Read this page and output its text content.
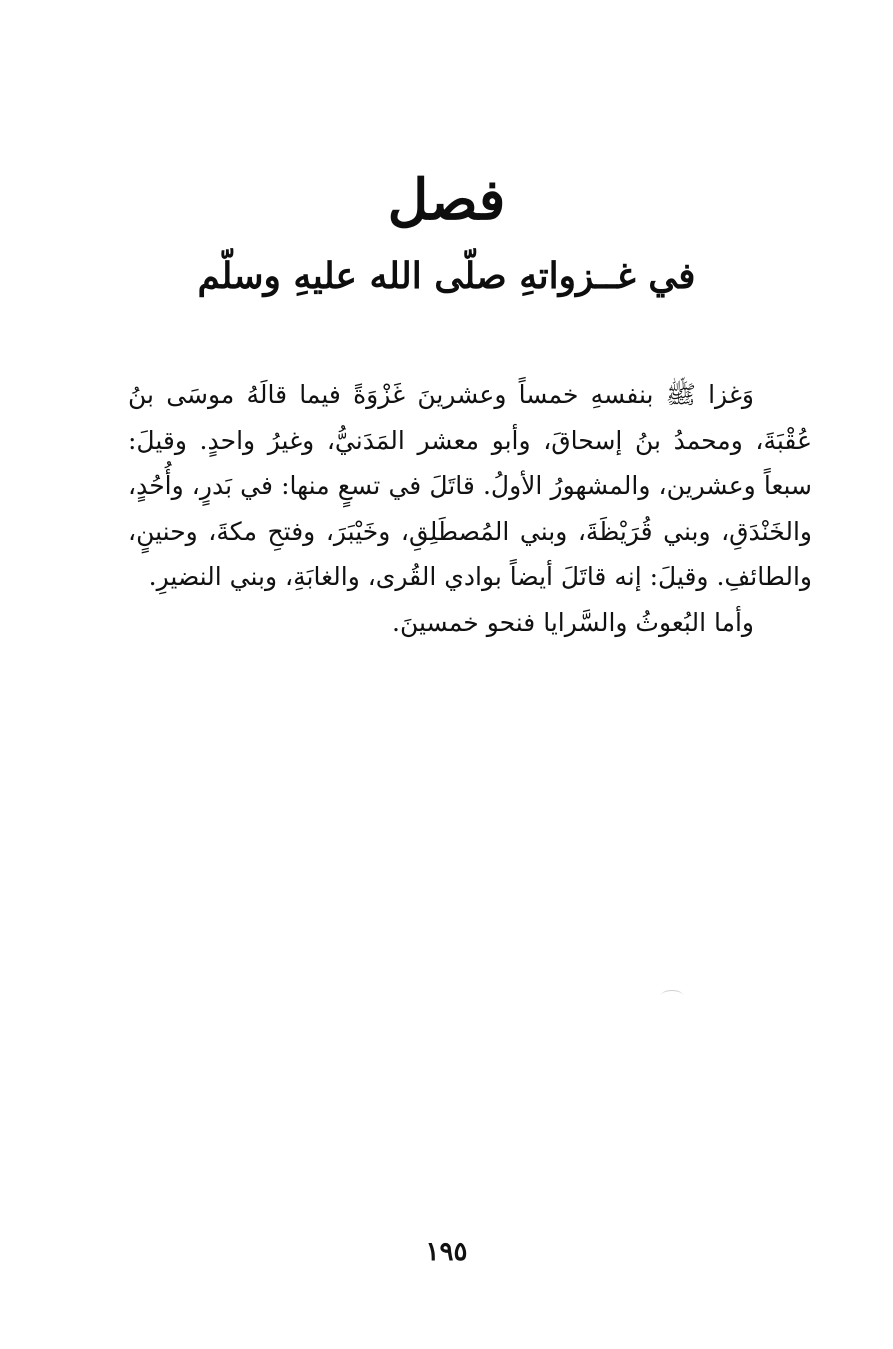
فصل
في غــزواتهِ صلّى الله عليهِ وسلّم

وَغزا ﷺ بنفسهِ خمساً وعشرينَ غَزْوَةً فيما قالَهُ موسَى بنُ عُقْبَةَ، ومحمدُ بنُ إسحاقَ، وأبو معشر المَدَنيُّ، وغيرُ واحدٍ. وقيلَ: سبعاً وعشرين، والمشهورُ الأولُ. قاتَلَ في تسعٍ منها: في بَدرٍ، وأُحُدٍ، والخَنْدَقِ، وبني قُرَيْظَةَ، وبني المُصطَلِقِ، وخَيْبَرَ، وفتحِ مكةَ، وحنينٍ، والطائفِ. وقيلَ: إنه قاتَلَ أيضاً بوادي القُرى، والغابَةِ، وبني النضيرِ.

وأما البُعوثُ والسَّرايا فنحو خمسينَ.

١٩٥
